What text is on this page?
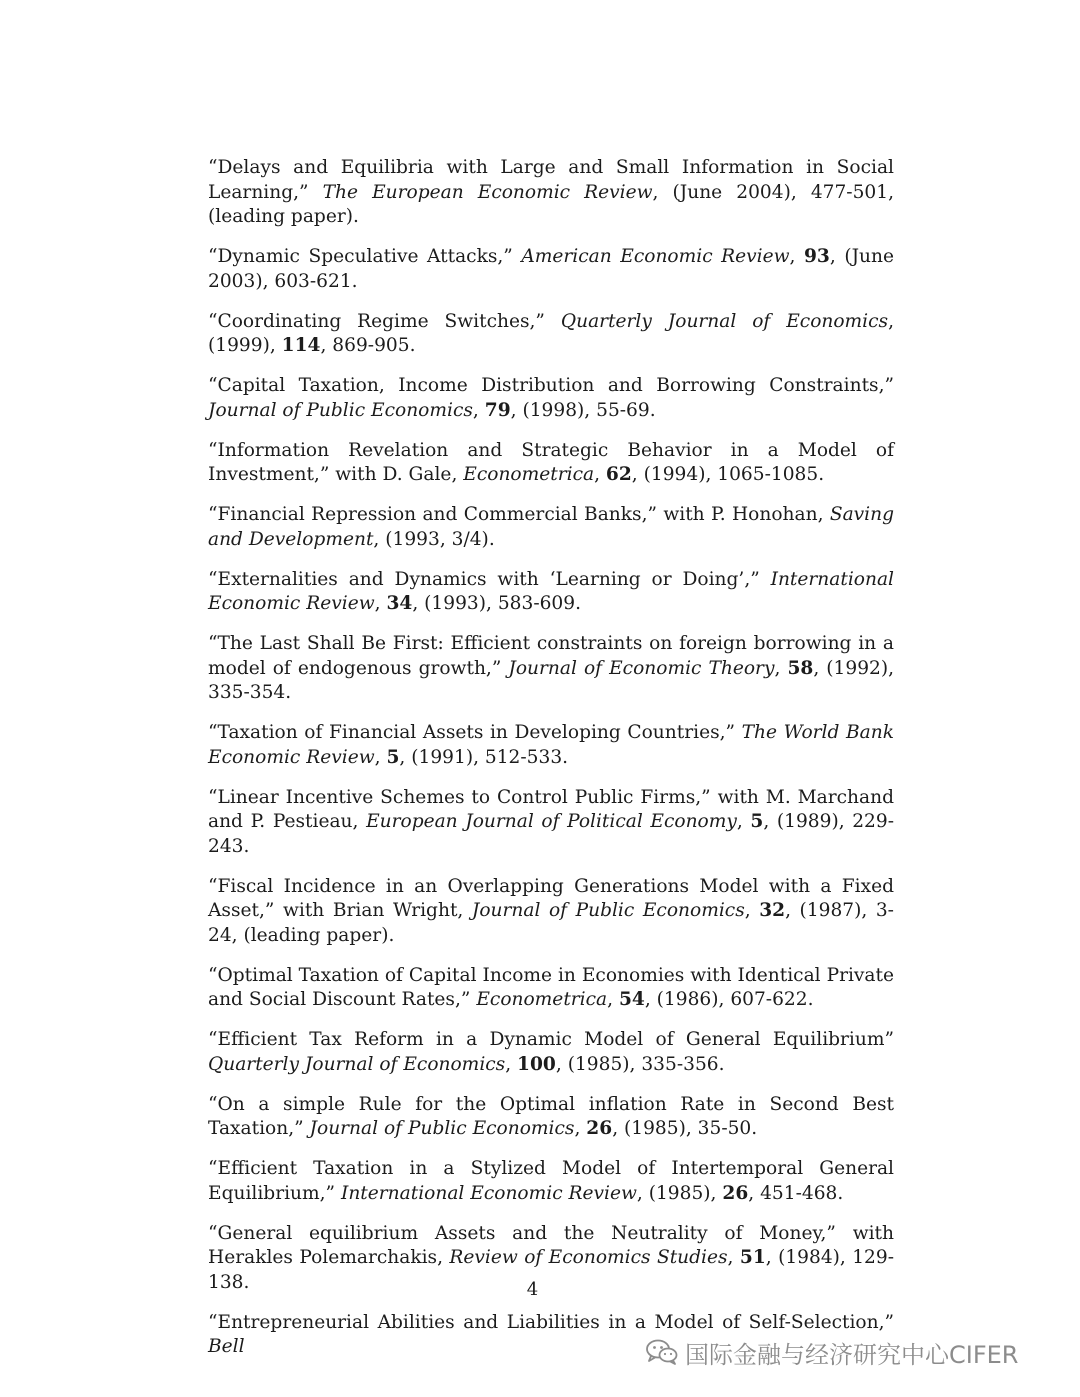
“Delays and Equilibria with Large and Small Information in Social Learning,” The European Economic Review, (June 2004), 477-501, (leading paper).

“Dynamic Speculative Attacks,” American Economic Review, 93, (June 2003), 603-621.

“Coordinating Regime Switches,” Quarterly Journal of Economics, (1999), 114, 869-905.

“Capital Taxation, Income Distribution and Borrowing Constraints,” Journal of Public Economics, 79, (1998), 55-69.

“Information Revelation and Strategic Behavior in a Model of Investment,” with D. Gale, Econometrica, 62, (1994), 1065-1085.

“Financial Repression and Commercial Banks,” with P. Honohan, Saving and Development, (1993, 3/4).

“Externalities and Dynamics with ‘Learning or Doing’,” International Economic Review, 34, (1993), 583-609.

“The Last Shall Be First: Efficient constraints on foreign borrowing in a model of endogenous growth,” Journal of Economic Theory, 58, (1992), 335-354.

“Taxation of Financial Assets in Developing Countries,” The World Bank Economic Review, 5, (1991), 512-533.

“Linear Incentive Schemes to Control Public Firms,” with M. Marchand and P. Pestieau, European Journal of Political Economy, 5, (1989), 229-243.

“Fiscal Incidence in an Overlapping Generations Model with a Fixed Asset,” with Brian Wright, Journal of Public Economics, 32, (1987), 3-24, (leading paper).

“Optimal Taxation of Capital Income in Economies with Identical Private and Social Discount Rates,” Econometrica, 54, (1986), 607-622.

“Efficient Tax Reform in a Dynamic Model of General Equilibrium” Quarterly Journal of Economics, 100, (1985), 335-356.

“On a simple Rule for the Optimal inflation Rate in Second Best Taxation,” Journal of Public Economics, 26, (1985), 35-50.

“Efficient Taxation in a Stylized Model of Intertemporal General Equilibrium,” International Economic Review, (1985), 26, 451-468.

“General equilibrium Assets and the Neutrality of Money,” with Herakles Polemarchakis, Review of Economics Studies, 51, (1984), 129-138.

“Entrepreneurial Abilities and Liabilities in a Model of Self-Selection,” Bell

4
国际金融与经济研究中心CIFER
